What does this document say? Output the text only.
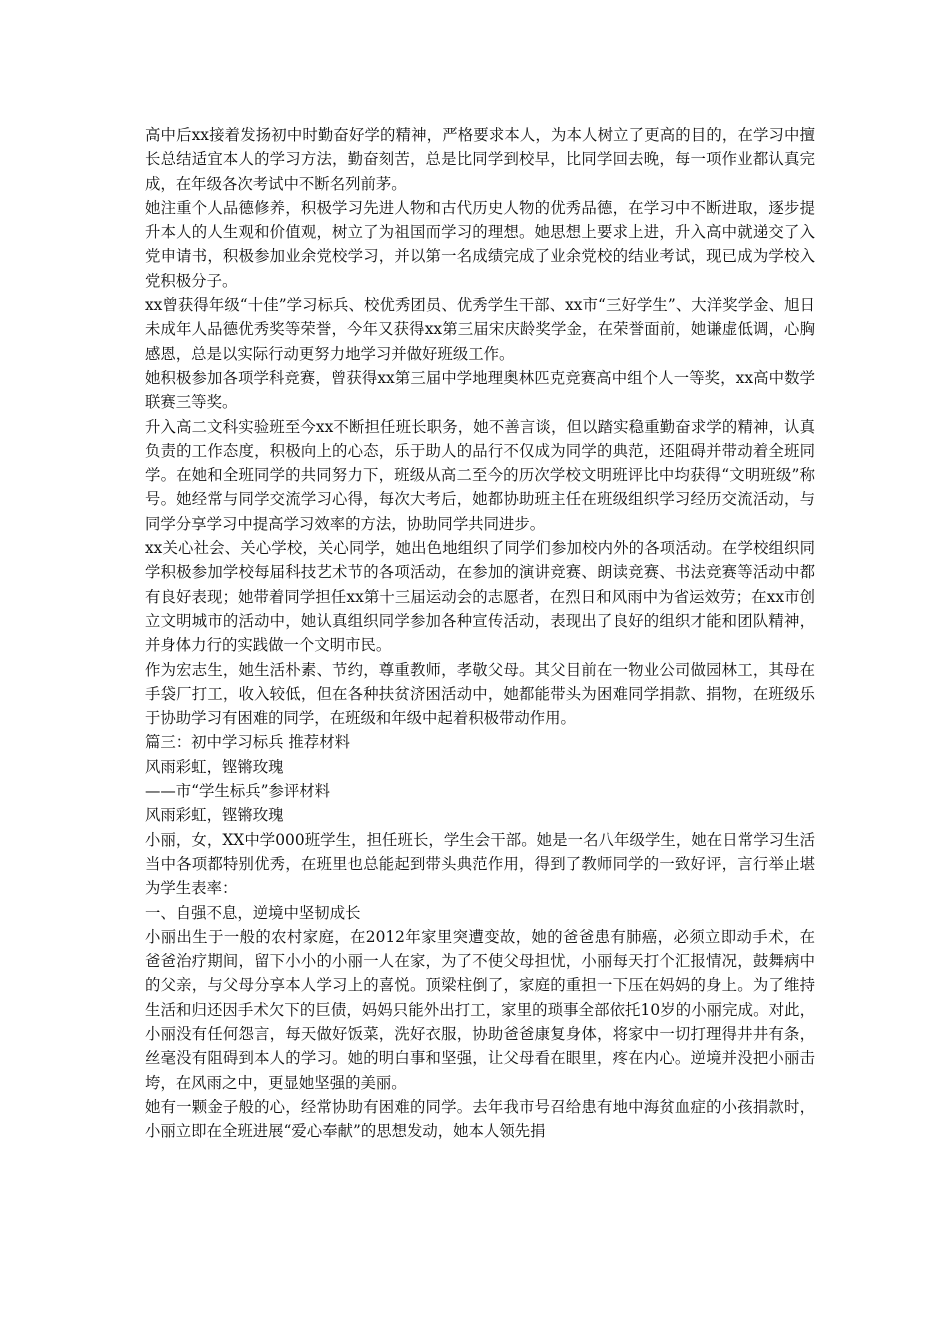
高中后xx接着发扬初中时勤奋好学的精神，严格要求本人，为本人树立了更高的目的，在学习中擅长总结适宜本人的学习方法，勤奋刻苦，总是比同学到校早，比同学回去晚，每一项作业都认真完成，在年级各次考试中不断名列前茅。

她注重个人品德修养，积极学习先进人物和古代历史人物的优秀品德，在学习中不断进取，逐步提升本人的人生观和价值观，树立了为祖国而学习的理想。她思想上要求上进，升入高中就递交了入党申请书，积极参加业余党校学习，并以第一名成绩完成了业余党校的结业考试，现已成为学校入党积极分子。

xx曾获得年级“十佳”学习标兵、校优秀团员、优秀学生干部、xx市“三好学生”、大洋奖学金、旭日未成年人品德优秀奖等荣誉，今年又获得xx第三届宋庆龄奖学金，在荣誉面前，她谦虚低调，心胸感恩，总是以实际行动更努力地学习并做好班级工作。

她积极参加各项学科竞赛，曾获得xx第三届中学地理奥林匹克竞赛高中组个人一等奖，xx高中数学联赛三等奖。

升入高二文科实验班至今xx不断担任班长职务，她不善言谈，但以踏实稳重勤奋求学的精神，认真负责的工作态度，积极向上的心态，乐于助人的品行不仅成为同学的典范，还阻碍并带动着全班同学。在她和全班同学的共同努力下，班级从高二至今的历次学校文明班评比中均获得“文明班级”称号。她经常与同学交流学习心得，每次大考后，她都协助班主任在班级组织学习经历交流活动，与同学分享学习中提高学习效率的方法，协助同学共同进步。

xx关心社会、关心学校，关心同学，她出色地组织了同学们参加校内外的各项活动。在学校组织同学积极参加学校每届科技艺术节的各项活动，在参加的演讲竞赛、朗读竞赛、书法竞赛等活动中都有良好表现；她带着同学担任xx第十三届运动会的志愿者，在烈日和风雨中为省运效劳；在xx市创立文明城市的活动中，她认真组织同学参加各种宣传活动，表现出了良好的组织才能和团队精神，并身体力行的实践做一个文明市民。

作为宏志生，她生活朴素、节约，尊重教师，孝敬父母。其父目前在一物业公司做园林工，其母在手袋厂打工，收入较低，但在各种扶贫济困活动中，她都能带头为困难同学捐款、捐物，在班级乐于协助学习有困难的同学，在班级和年级中起着积极带动作用。

篇三：初中学习标兵 推荐材料

风雨彩虹，铿锵玫瑰

——市“学生标兵”参评材料

风雨彩虹，铿锵玫瑰

小丽，女，XX中学000班学生，担任班长，学生会干部。她是一名八年级学生，她在日常学习生活当中各项都特别优秀，在班里也总能起到带头典范作用，得到了教师同学的一致好评，言行举止堪为学生表率：

一、自强不息，逆境中坚韧成长

小丽出生于一般的农村家庭，在2012年家里突遭变故，她的爸爸患有肺癌，必须立即动手术，在爸爸治疗期间，留下小小的小丽一人在家，为了不使父母担忧，小丽每天打个汇报情况，鼓舞病中的父亲，与父母分享本人学习上的喜悦。顶梁柱倒了，家庭的重担一下压在妈妈的身上。为了维持生活和归还因手术欠下的巨债，妈妈只能外出打工，家里的琐事全部依托10岁的小丽完成。对此，小丽没有任何怨言，每天做好饭菜，洗好衣服，协助爸爸康复身体，将家中一切打理得井井有条，丝毫没有阻碍到本人的学习。她的明白事和坚强，让父母看在眼里，疼在内心。逆境并没把小丽击垮，在风雨之中，更显她坚强的美丽。

她有一颗金子般的心，经常协助有困难的同学。去年我市号召给患有地中海贫血症的小孩捐款时，小丽立即在全班进展“爱心奉献”的思想发动，她本人领先捐
